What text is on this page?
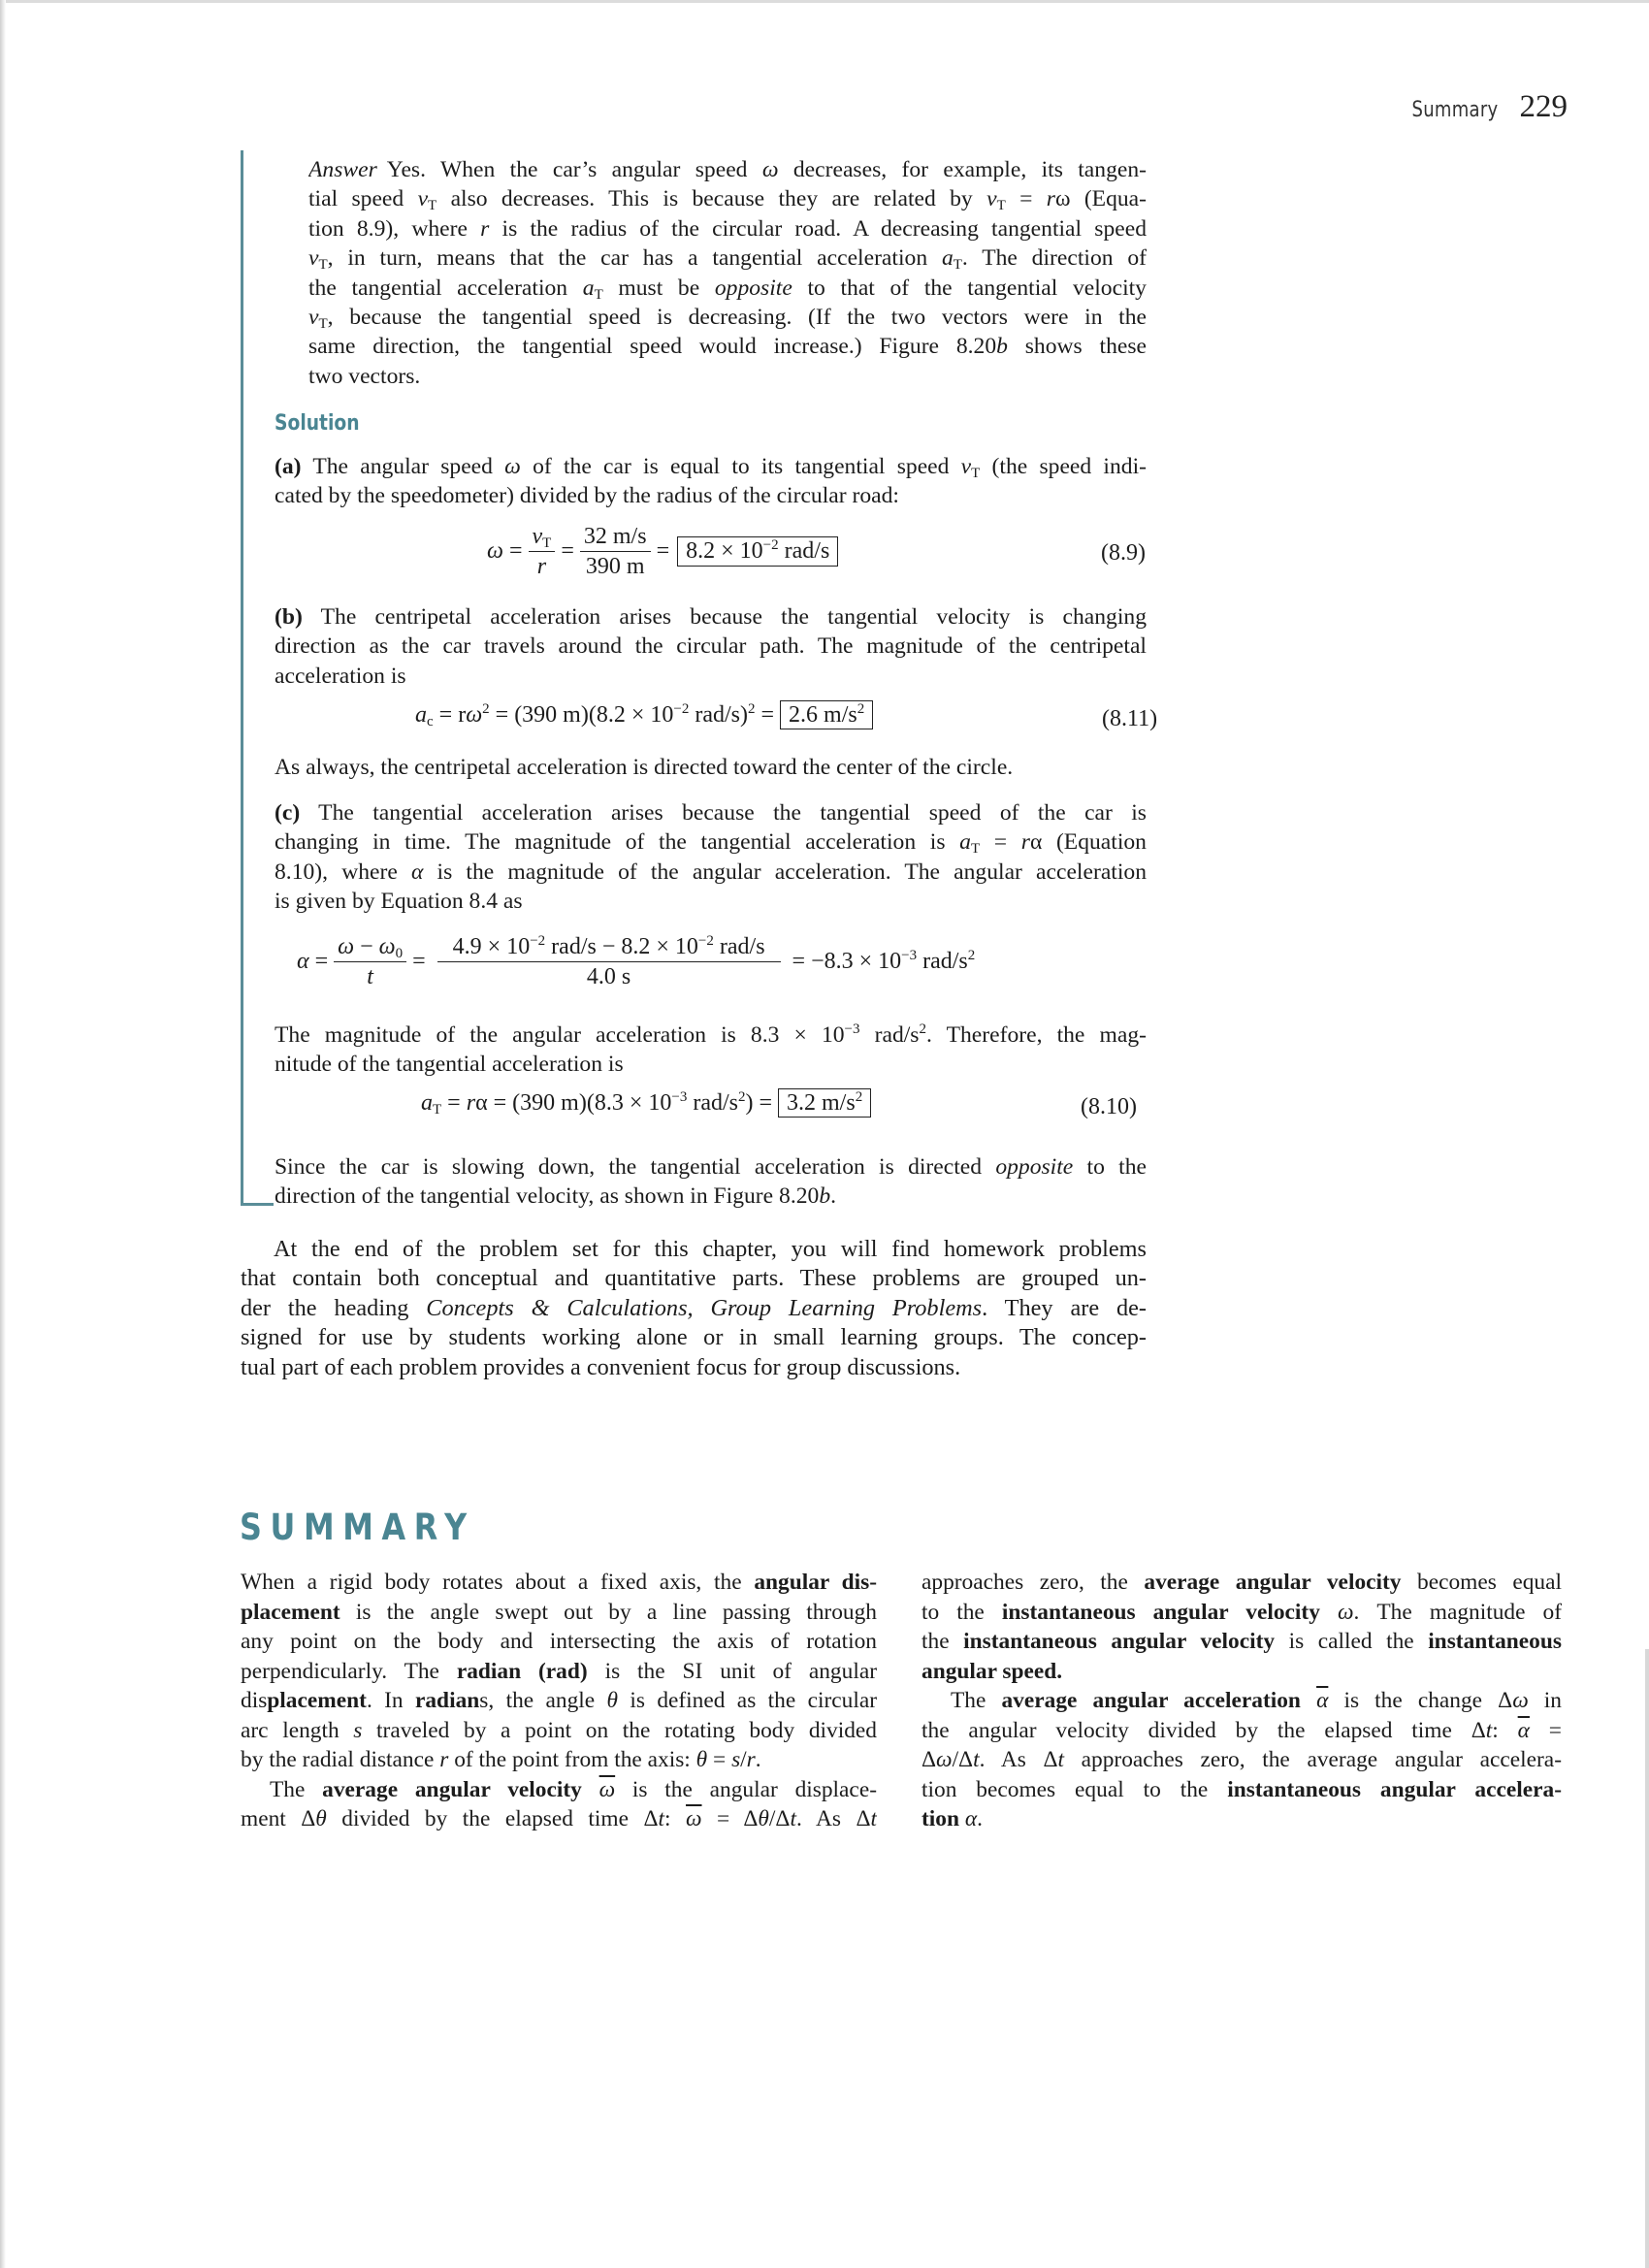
Summary 229
Answer Yes. When the car’s angular speed ω decreases, for example, its tangen-
tial speed $v_T$ also decreases. This is because they are related by $v_T = r\omega$ (Equa-
tion 8.9), where r is the radius of the circular road. A decreasing tangential speed
$v_T$, in turn, means that the car has a tangential acceleration $a_T$. The direction of
the tangential acceleration $a_T$ must be opposite to that of the tangential velocity
$v_T$, because the tangential speed is decreasing. (If the two vectors were in the
same direction, the tangential speed would increase.) Figure 8.20b shows these
two vectors.
Solution
(a) The angular speed ω of the car is equal to its tangential speed $v_T$ (the speed indi-
cated by the speedometer) divided by the radius of the circular road:
$\omega = \frac{v_T}{r} = \frac{32 m/s}{390 m} = 8.2 \times 10^{-2}$ rad/s	(8.9)
(b) The centripetal acceleration arises because the tangential velocity is changing
direction as the car travels around the circular path. The magnitude of the centripetal
acceleration is
$a_c = r\omega^2 = (390$ $m)(8.2 \times 10^{-2}$ rad/s)$^2$ = 2.6 $m/s^2$	(8.11)
As always, the centripetal acceleration is directed toward the center of the circle.
(c) The tangential acceleration arises because the tangential speed of the car is
changing in time. The magnitude of the tangential acceleration is $a_T = r\alpha$ (Equation
8.10), where α is the magnitude of the angular acceleration. The angular acceleration
is given by Equation 8.4 as
$\alpha = \frac{\omega - \omega_0}{t} = \frac{4.9 \times 10^{-2} rad/s - 8.2 \times 10^{-2} rad/s}{4.0 s} = -8.3 \times 10^{-3}$ rad/$s^2$
The magnitude of the angular acceleration is $8.3 \times 10^{-3}$ rad/$s^2$. Therefore, the mag-
nitude of the tangential acceleration is
$a_T = r\alpha = (390$ $m)(8.3 \times 10^{-3}$ rad/$s^2) = 3.2$ $m/s^2$	(8.10)
Since the car is slowing down, the tangential acceleration is directed opposite to the
direction of the tangential velocity, as shown in Figure 8.20b.
At the end of the problem set for this chapter, you will find homework problems
that contain both conceptual and quantitative parts. These problems are grouped un-
der the heading Concepts & Calculations, Group Learning Problems. They are de-
signed for use by students working alone or in small learning groups. The concep-
tual part of each problem provides a convenient focus for group discussions.
SUMMARY
When a rigid body rotates about a fixed axis, the angular dis-
placement is the angle swept out by a line passing through
any point on the body and intersecting the axis of rotation
perpendicularly. The radian (rad) is the SI unit of angular
displacement. In radians, the angle θ is defined as the circular
arc length s traveled by a point on the rotating body divided
by the radial distance r of the point from the axis: θ = s/r.
The average angular velocity $\overline{\omega}$ is the angular displace-
ment Δθ divided by the elapsed time Δt: $\overline{\omega} = \Delta\theta/\Delta t$. As Δt
approaches zero, the average angular velocity becomes equal
to the instantaneous angular velocity ω. The magnitude of
the instantaneous angular velocity is called the instantaneous
angular speed.
The average angular acceleration $\overline{\alpha}$ is the change Δω in
the angular velocity divided by the elapsed time Δt: $\overline{\alpha}$ =
Δω/Δt. As Δt approaches zero, the average angular accelera-
tion becomes equal to the instantaneous angular accelera-
tion α.
